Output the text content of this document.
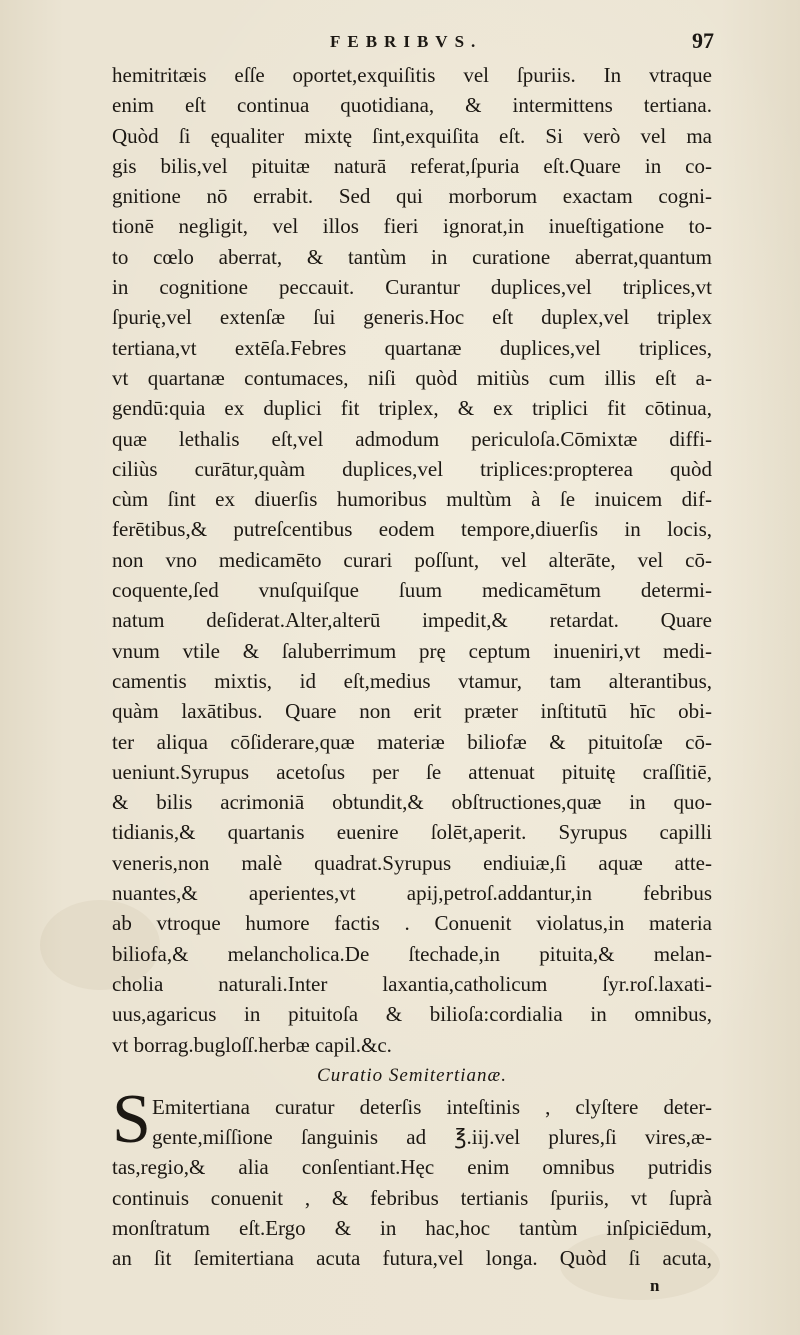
FEBRIBVS.	97
hemitritæis eſſe oportet,exquiſitis vel ſpuriis. In vtraque
enim eſt continua quotidiana, & intermittens tertiana.
Quòd ſi ęqualiter mixtę ſint,exquiſita eſt. Si verò vel ma
gis bilis,vel pituitæ naturā referat,ſpuria eſt.Quare in co-
gnitione nō errabit. Sed qui morborum exactam cogni-
tionē negligit, vel illos fieri ignorat,in inueſtigatione to-
to cœlo aberrat, & tantùm in curatione aberrat,quantum
in cognitione peccauit. Curantur duplices,vel triplices,vt
ſpurię,vel extenſæ ſui generis.Hoc eſt duplex,vel triplex
tertiana,vt extēſa.Febres quartanæ duplices,vel triplices,
vt quartanæ contumaces, niſi quòd mitiùs cum illis eſt a-
gendū:quia ex duplici fit triplex, & ex triplici fit cōtinua,
quæ lethalis eſt,vel admodum periculoſa.Cōmixtæ diffi-
ciliùs curātur,quàm duplices,vel triplices:propterea quòd
cùm ſint ex diuerſis humoribus multùm à ſe inuicem dif-
ferētibus,& putreſcentibus eodem tempore,diuerſis in locis,
non vno medicamēto curari poſſunt, vel alterāte, vel cō-
coquente,ſed vnuſquiſque ſuum medicamētum determi-
natum deſiderat.Alter,alterū impedit,& retardat. Quare
vnum vtile & ſaluberrimum prę ceptum inueniri,vt medi-
camentis mixtis, id eſt,medius vtamur, tam alterantibus,
quàm laxātibus. Quare non erit præter inſtitutū hīc obi-
ter aliqua cōſiderare,quæ materiæ biliofæ & pituitoſæ cō-
ueniunt.Syrupus acetoſus per ſe attenuat pituitę craſſitiē,
& bilis acrimoniā obtundit,& obſtructiones,quæ in quo-
tidianis,& quartanis euenire ſolēt,aperit. Syrupus capilli
veneris,non malè quadrat.Syrupus endiuiæ,ſi aquæ atte-
nuantes,& aperientes,vt apij,petroſ.addantur,in febribus
ab vtroque humore factis . Conuenit violatus,in materia
biliofa,& melancholica.De ſtechade,in pituita,& melan-
cholia naturali.Inter laxantia,catholicum ſyr.roſ.laxati-
uus,agaricus in pituitoſa & bilioſa:cordialia in omnibus,
vt borrag.bugloſſ.herbæ capil.&c.
Curatio Semitertianæ.
Emitertiana curatur deterſis inteſtinis , clyſtere deter-
gente,miſſione ſanguinis ad ℥.iij.vel plures,ſi vires,æ-
tas,regio,& alia conſentiant.Hęc enim omnibus putridis
continuis conuenit , & febribus tertianis ſpuriis, vt ſuprà
monſtratum eſt.Ergo & in hac,hoc tantùm inſpiciēdum,
an ſit ſemitertiana acuta futura,vel longa. Quòd ſi acuta,
S
n
